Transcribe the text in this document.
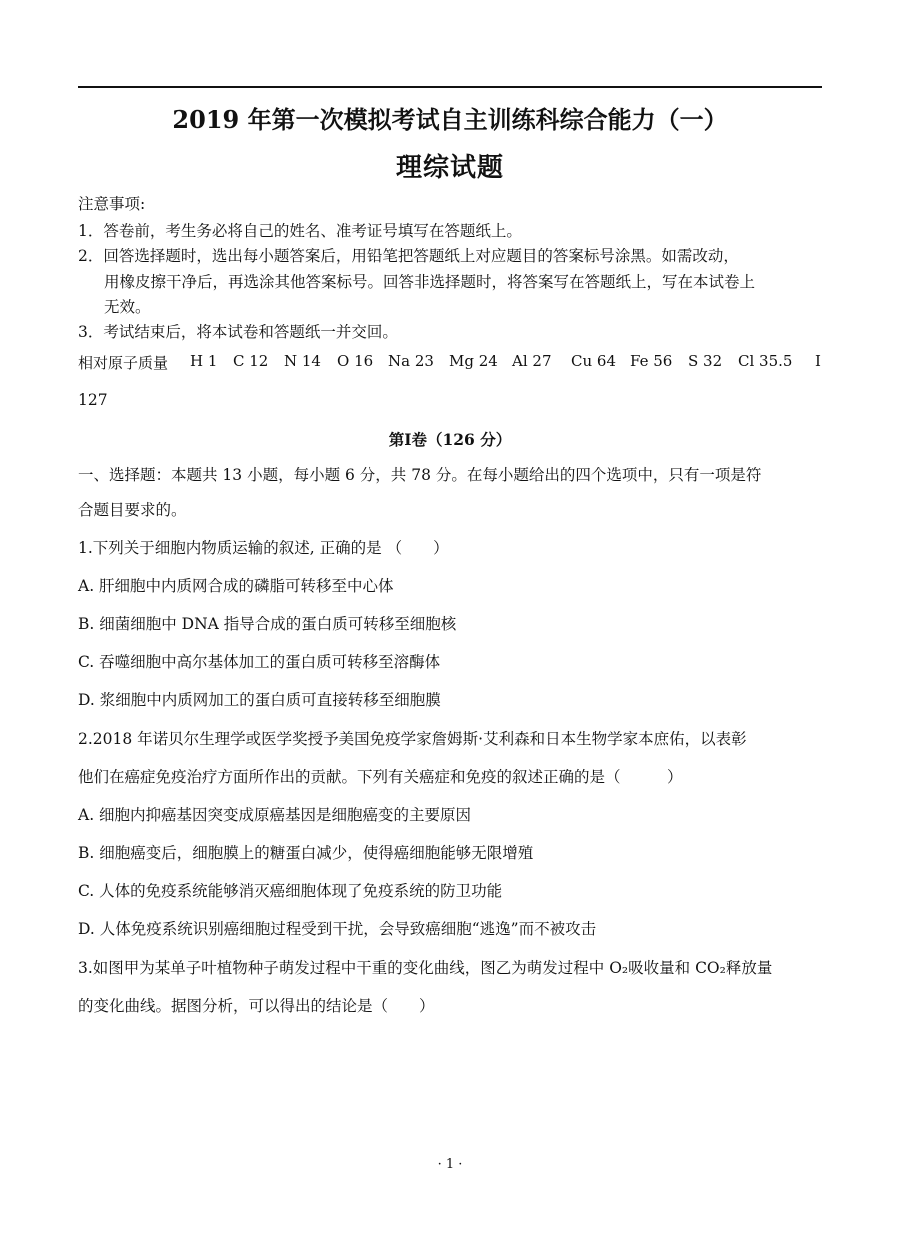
2019 年第一次模拟考试自主训练科综合能力（一）
理综试题
注意事项:
1．答卷前，考生务必将自己的姓名、准考证号填写在答题纸上。
2．回答选择题时，选出每小题答案后，用铅笔把答题纸上对应题目的答案标号涂黑。如需改动，
用橡皮擦干净后，再选涂其他答案标号。回答非选择题时，将答案写在答题纸上，写在本试卷上
无效。
3．考试结束后，将本试卷和答题纸一并交回。
相对原子质量 H 1 C 12 N 14 O 16 Na 23 Mg 24 Al 27 Cu 64 Fe 56 S 32 Cl 35.5 I
127
第Ⅰ卷（126 分）
一、选择题：本题共 13 小题，每小题 6 分，共 78 分。在每小题给出的四个选项中，只有一项是符
合题目要求的。
1.下列关于细胞内物质运输的叙述, 正确的是 （　　）
A. 肝细胞中内质网合成的磷脂可转移至中心体
B. 细菌细胞中 DNA 指导合成的蛋白质可转移至细胞核
C. 吞噬细胞中高尔基体加工的蛋白质可转移至溶酶体
D. 浆细胞中内质网加工的蛋白质可直接转移至细胞膜
2.2018 年诺贝尔生理学或医学奖授予美国免疫学家詹姆斯·艾利森和日本生物学家本庶佑，以表彰
他们在癌症免疫治疗方面所作出的贡献。下列有关癌症和免疫的叙述正确的是（　　　）
A. 细胞内抑癌基因突变成原癌基因是细胞癌变的主要原因
B. 细胞癌变后，细胞膜上的糖蛋白减少，使得癌细胞能够无限增殖
C. 人体的免疫系统能够消灭癌细胞体现了免疫系统的防卫功能
D. 人体免疫系统识别癌细胞过程受到干扰，会导致癌细胞“逃逸”而不被攻击
3.如图甲为某单子叶植物种子萌发过程中干重的变化曲线，图乙为萌发过程中 O₂吸收量和 CO₂释放量
的变化曲线。据图分析，可以得出的结论是（　　）
· 1 ·
